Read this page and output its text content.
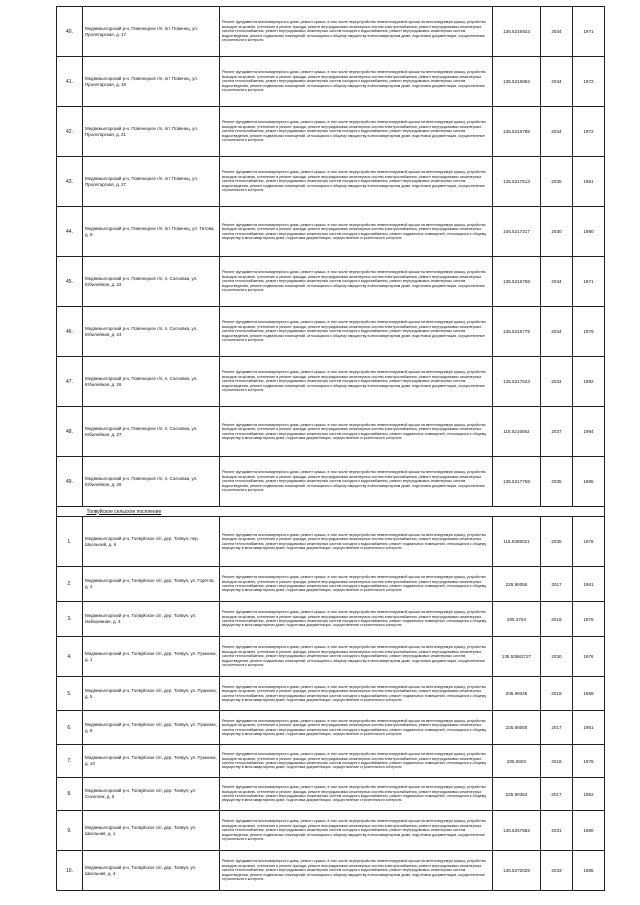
40.	Медвежьегорский р-н, Повенецкое г/п, пгт Повенец, ул. Пролетарская, д. 17	Ремонт фундамента многоквартирного дома, ремонт крыши, в том числе переустройство невентилируемой крыши на вентилируемую крышу, устройство выходов на кровлю, утепление и ремонт фасада, ремонт внутридомовых инженерных систем электроснабжения, ремонт внутридомовых инженерных систем теплоснабжения, ремонт внутридомовых инженерных систем холодного водоснабжения, ремонт внутридомовых инженерных систем водоотведения, ремонт подвальных помещений, относящихся к общему имуществу в многоквартирном доме, подготовка документации, осуществление строительного контроля	135.5216923	2034	1971
41.	Медвежьегорский р-н, Повенецкое г/п, пгт Повенец, ул. Пролетарская, д. 19	Ремонт фундамента многоквартирного дома, ремонт крыши, в том числе переустройство невентилируемой крыши на вентилируемую крышу, устройство выходов на кровлю, утепление и ремонт фасада, ремонт внутридомовых инженерных систем электроснабжения, ремонт внутридомовых инженерных систем теплоснабжения, ремонт внутридомовых инженерных систем холодного водоснабжения, ремонт внутридомовых инженерных систем водоотведения, ремонт подвальных помещений, относящихся к общему имуществу в многоквартирном доме, подготовка документации, осуществление строительного контроля	135.5216892	2034	1972
42.	Медвежьегорский р-н, Повенецкое г/п, пгт Повенец, ул. Пролетарская, д. 21	Ремонт фундамента многоквартирного дома, ремонт крыши, в том числе переустройство невентилируемой крыши на вентилируемую крышу, устройство выходов на кровлю, утепление и ремонт фасада, ремонт внутридомовых инженерных систем электроснабжения, ремонт внутридомовых инженерных систем теплоснабжения, ремонт внутридомовых инженерных систем холодного водоснабжения, ремонт внутридомовых инженерных систем водоотведения, ремонт подвальных помещений, относящихся к общему имуществу в многоквартирном доме, подготовка документации, осуществление строительного контроля	135.5216788	2034	1972
43.	Медвежьегорский р-н, Повенецкое г/п, пгт Повенец, ул. Пролетарская, д. 27	Ремонт фундамента многоквартирного дома, ремонт крыши, в том числе переустройство невентилируемой крыши на вентилируемую крышу, устройство выходов на кровлю, утепление и ремонт фасада, ремонт внутридомовых инженерных систем электроснабжения, ремонт внутридомовых инженерных систем теплоснабжения, ремонт внутридомовых инженерных систем холодного водоснабжения, ремонт внутридомовых инженерных систем водоотведения, ремонт подвальных помещений, относящихся к общему имуществу в многоквартирном доме, подготовка документации, осуществление строительного контроля	135.5217513	2035	1981
44.	Медвежьегорский р-н, Повенецкое г/п, пгт Повенец, ул. Титова, д. 9	Ремонт фундамента многоквартирного дома, ремонт крыши, в том числе переустройство невентилируемой крыши на вентилируемую крышу, устройство выходов на кровлю, утепление и ремонт фасада, ремонт внутридомовых инженерных систем электроснабжения, ремонт внутридомовых инженерных систем теплоснабжения, ремонт внутридомовых инженерных систем холодного водоснабжения, ремонт подвальных помещений, относящихся к общему имуществу в многоквартирном доме, подготовка документации, осуществление строительного контроля	105.5217317	2030	1980
45.	Медвежьегорский р-н, Повенецкое г/п, п. Сосновка, ул. Юбилейная, д. 22	Ремонт фундамента многоквартирного дома, ремонт крыши, в том числе переустройство невентилируемой крыши на вентилируемую крышу, устройство выходов на кровлю, утепление и ремонт фасада, ремонт внутридомовых инженерных систем электроснабжения, ремонт внутридомовых инженерных систем теплоснабжения, ремонт внутридомовых инженерных систем холодного водоснабжения, ремонт внутридомовых инженерных систем водоотведения, ремонт подвальных помещений, относящихся к общему имуществу в многоквартирном доме, подготовка документации, осуществление строительного контроля	135.5216768	2034	1971
46.	Медвежьегорский р-н, Повенецкое г/п, п. Сосновка, ул. Юбилейная, д. 24	Ремонт фундамента многоквартирного дома, ремонт крыши, в том числе переустройство невентилируемой крыши на вентилируемую крышу, устройство выходов на кровлю, утепление и ремонт фасада, ремонт внутридомовых инженерных систем электроснабжения, ремонт внутридомовых инженерных систем теплоснабжения, ремонт внутридомовых инженерных систем холодного водоснабжения, ремонт внутридомовых инженерных систем водоотведения, ремонт подвальных помещений, относящихся к общему имуществу в многоквартирном доме, подготовка документации, осуществление строительного контроля	135.5216779	2034	1979
47.	Медвежьегорский р-н, Повенецкое г/п, п. Сосновка, ул. Юбилейная, д. 26	Ремонт фундамента многоквартирного дома, ремонт крыши, в том числе переустройство невентилируемой крыши на вентилируемую крышу, устройство выходов на кровлю, утепление и ремонт фасада, ремонт внутридомовых инженерных систем электроснабжения, ремонт внутридомовых инженерных систем теплоснабжения, ремонт внутридомовых инженерных систем холодного водоснабжения, ремонт внутридомовых инженерных систем водоотведения, ремонт подвальных помещений, относящихся к общему имуществу в многоквартирном доме, подготовка документации, осуществление строительного контроля	135.5217623	2034	1992
48.	Медвежьегорский р-н, Повенецкое г/п, п. Сосновка, ул. Юбилейная, д. 27	Ремонт фундамента многоквартирного дома, ремонт крыши, в том числе переустройство невентилируемой крыши на вентилируемую крышу, устройство выходов на кровлю, утепление и ремонт фасада, ремонт внутридомовых инженерных систем электроснабжения, ремонт внутридомовых инженерных систем теплоснабжения, ремонт внутридомовых инженерных систем холодного водоснабжения, ремонт подвальных помещений, относящихся к общему имуществу в многоквартирном доме, подготовка документации, осуществление строительного контроля	115.5216652	2037	1994
49.	Медвежьегорский р-н, Повенецкое г/п, п. Сосновка, ул. Юбилейная, д. 28	Ремонт фундамента многоквартирного дома, ремонт крыши, в том числе переустройство невентилируемой крыши на вентилируемую крышу, устройство выходов на кровлю, утепление и ремонт фасада, ремонт внутридомовых инженерных систем электроснабжения, ремонт внутридомовых инженерных систем теплоснабжения, ремонт внутридомовых инженерных систем холодного водоснабжения, ремонт внутридомовых инженерных систем водоотведения, ремонт подвальных помещений, относящихся к общему имуществу в многоквартирном доме, подготовка документации, осуществление строительного контроля	135.5217768	2035	1995
	Толвуйское сельское поселение				
1.	Медвежьегорский р-н, Толвуйское с/п, дер. Толвуя, пер. Школьный, д. 6	Ремонт фундамента многоквартирного дома, ремонт крыши, в том числе переустройство невентилируемой крыши на вентилируемую крышу, устройство выходов на кровлю, утепление и ремонт фасада, ремонт внутридомовых инженерных систем электроснабжения, ремонт внутридомовых инженерных систем теплоснабжения, ремонт внутридомовых инженерных систем холодного водоснабжения, ремонт подвальных помещений, относящихся к общему имуществу в многоквартирном доме, подготовка документации, осуществление строительного контроля	115.5389021	2035	1976
2.	Медвежьегорский р-н, Толвуйское с/п, дер. Толвуя, ул. Горетов, д. 3	Ремонт фундамента многоквартирного дома, ремонт крыши, в том числе переустройство невентилируемой крыши на вентилируемую крышу, устройство выходов на кровлю, утепление и ремонт фасада, ремонт внутридомовых инженерных систем электроснабжения, ремонт внутридомовых инженерных систем теплоснабжения, ремонт внутридомовых инженерных систем холодного водоснабжения, ремонт подвальных помещений, относящихся к общему имуществу в многоквартирном доме, подготовка документации, осуществление строительного контроля	225.90055	2017	1961
3.	Медвежьегорский р-н, Толвуйское с/п, дер. Толвуя, ул. Набережная, д. 3	Ремонт фундамента многоквартирного дома, ремонт крыши, в том числе переустройство невентилируемой крыши на вентилируемую крышу, устройство выходов на кровлю, утепление и ремонт фасада, ремонт внутридомовых инженерных систем электроснабжения, ремонт внутридомовых инженерных систем теплоснабжения, ремонт внутридомовых инженерных систем холодного водоснабжения, ремонт подвальных помещений, относящихся к общему имуществу в многоквартирном доме, подготовка документации, осуществление строительного контроля	205.3764	2019	1976
4.	Медвежьегорский р-н, Толвуйское с/п, дер. Толвуя, ул. Пушкина, д. 1	Ремонт фундамента многоквартирного дома, ремонт крыши, в том числе переустройство невентилируемой крыши на вентилируемую крышу, устройство выходов на кровлю, утепление и ремонт фасада, ремонт внутридомовых инженерных систем электроснабжения, ремонт внутридомовых инженерных систем теплоснабжения, ремонт внутридомовых инженерных систем холодного водоснабжения, ремонт внутридомовых инженерных систем водоотведения, ремонт подвальных помещений, относящихся к общему имуществу в многоквартирном доме, подготовка документации, осуществление строительного контроля	135.53682727	2030	1976
5.	Медвежьегорский р-н, Толвуйское с/п, дер. Толвуя, ул. Пушкина, д. 5	Ремонт фундамента многоквартирного дома, ремонт крыши, в том числе переустройство невентилируемой крыши на вентилируемую крышу, устройство выходов на кровлю, утепление и ремонт фасада, ремонт внутридомовых инженерных систем электроснабжения, ремонт внутридомовых инженерных систем теплоснабжения, ремонт внутридомовых инженерных систем холодного водоснабжения, ремонт подвальных помещений, относящихся к общему имуществу в многоквартирном доме, подготовка документации, осуществление строительного контроля	205.99348	2018	1968
6.	Медвежьегорский р-н, Толвуйское с/п, дер. Толвуя, ул. Пушкина, д. 8	Ремонт фундамента многоквартирного дома, ремонт крыши, в том числе переустройство невентилируемой крыши на вентилируемую крышу, устройство выходов на кровлю, утепление и ремонт фасада, ремонт внутридомовых инженерных систем электроснабжения, ремонт внутридомовых инженерных систем теплоснабжения, ремонт внутридомовых инженерных систем холодного водоснабжения, ремонт подвальных помещений, относящихся к общему имуществу в многоквартирном доме, подготовка документации, осуществление строительного контроля	225.60050	2017	1961
7.	Медвежьегорский р-н, Толвуйское с/п, дер. Толвуя, ул. Пушкина, д. 10	Ремонт фундамента многоквартирного дома, ремонт крыши, в том числе переустройство невентилируемой крыши на вентилируемую крышу, устройство выходов на кровлю, утепление и ремонт фасада, ремонт внутридомовых инженерных систем электроснабжения, ремонт внутридомовых инженерных систем теплоснабжения, ремонт внутридомовых инженерных систем холодного водоснабжения, ремонт подвальных помещений, относящихся к общему имуществу в многоквартирном доме, подготовка документации, осуществление строительного контроля	205.6004	2018	1976
8.	Медвежьегорский р-н, Толвуйское с/п, дер. Толвуя, ул. Сохолонк, д. 5	Ремонт фундамента многоквартирного дома, ремонт крыши, в том числе переустройство невентилируемой крыши на вентилируемую крышу, устройство выходов на кровлю, утепление и ремонт фасада, ремонт внутридомовых инженерных систем электроснабжения, ремонт внутридомовых инженерных систем теплоснабжения, ремонт внутридомовых инженерных систем холодного водоснабжения, ремонт подвальных помещений, относящихся к общему имуществу в многоквартирном доме, подготовка документации, осуществление строительного контроля	225.90354	2017	1962
9.	Медвежьегорский р-н, Толвуйское с/п, дер. Толвуя, ул. Школьная, д. 1	Ремонт фундамента многоквартирного дома, ремонт крыши, в том числе переустройство невентилируемой крыши на вентилируемую крышу, устройство выходов на кровлю, утепление и ремонт фасада, ремонт внутридомовых инженерных систем электроснабжения, ремонт внутридомовых инженерных систем теплоснабжения, ремонт внутридомовых инженерных систем холодного водоснабжения, ремонт внутридомовых инженерных систем водоотведения, ремонт подвальных помещений, относящихся к общему имуществу в многоквартирном доме, подготовка документации, осуществление строительного контроля	135.5347882	2031	1980
10.	Медвежьегорский р-н, Толвуйское с/п, дер. Толвуя, ул. Школьная, д. 4	Ремонт фундамента многоквартирного дома, ремонт крыши, в том числе переустройство невентилируемой крыши на вентилируемую крышу, устройство выходов на кровлю, утепление и ремонт фасада, ремонт внутридомовых инженерных систем электроснабжения, ремонт внутридомовых инженерных систем теплоснабжения, ремонт внутридомовых инженерных систем холодного водоснабжения, ремонт внутридомовых инженерных систем водоотведения, ремонт подвальных помещений, относящихся к общему имуществу в многоквартирном доме, подготовка документации, осуществление строительного контроля	135.5272025	2033	1985
